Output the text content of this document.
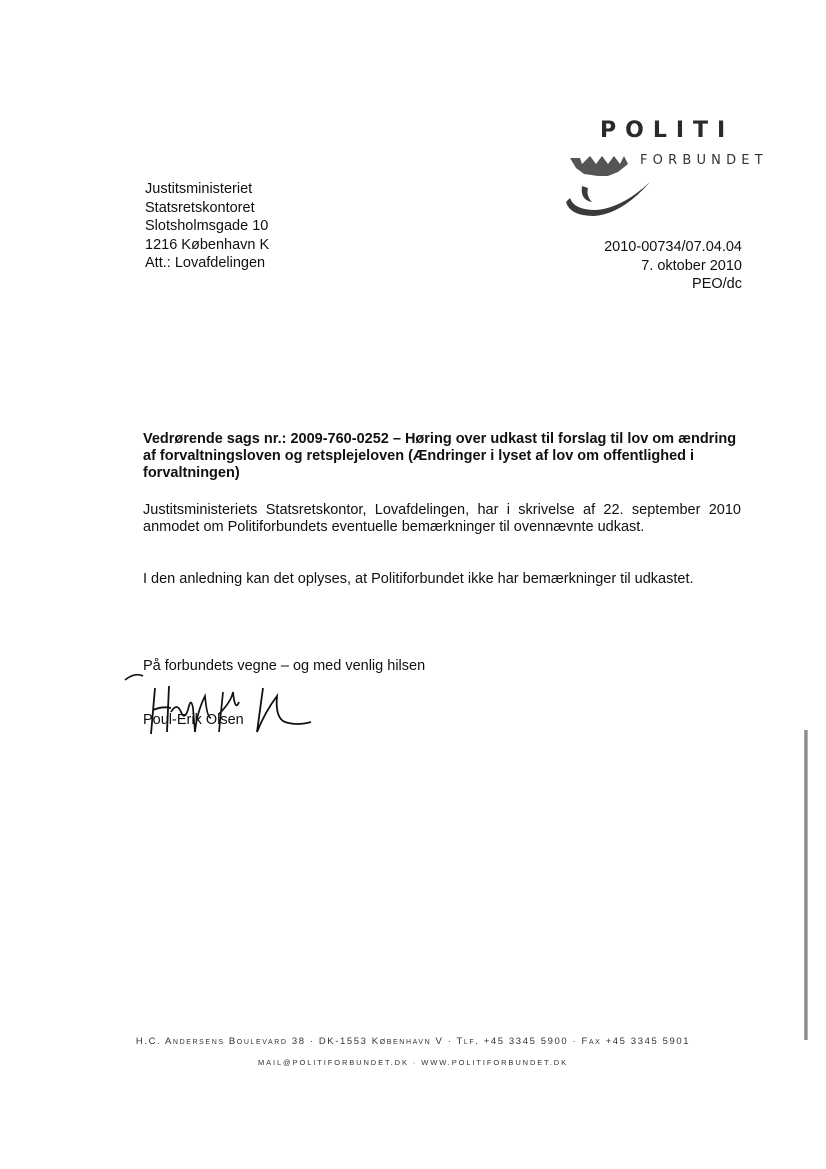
POLITI
FORBUNDET
Justitsministeriet
Statsretskontoret
Slotsholmsgade 10
1216 København K
Att.: Lovafdelingen
2010-00734/07.04.04
7. oktober 2010
PEO/dc
Vedrørende sags nr.: 2009-760-0252 – Høring over udkast til forslag til lov om ændring af forvaltningsloven og retsplejeloven (Ændringer i lyset af lov om offentlighed i forvaltningen)
Justitsministeriets Statsretskontor, Lovafdelingen, har i skrivelse af 22. september 2010 anmodet om Politiforbundets eventuelle bemærkninger til ovennævnte udkast.
I den anledning kan det oplyses, at Politiforbundet ikke har bemærkninger til udkastet.
På forbundets vegne – og med venlig hilsen
Poul-Erik Olsen
H.C. Andersens Boulevard 38 · DK-1553 København V · Tlf. +45 3345 5900 · Fax +45 3345 5901
MAIL@POLITIFORBUNDET.DK · WWW.POLITIFORBUNDET.DK
